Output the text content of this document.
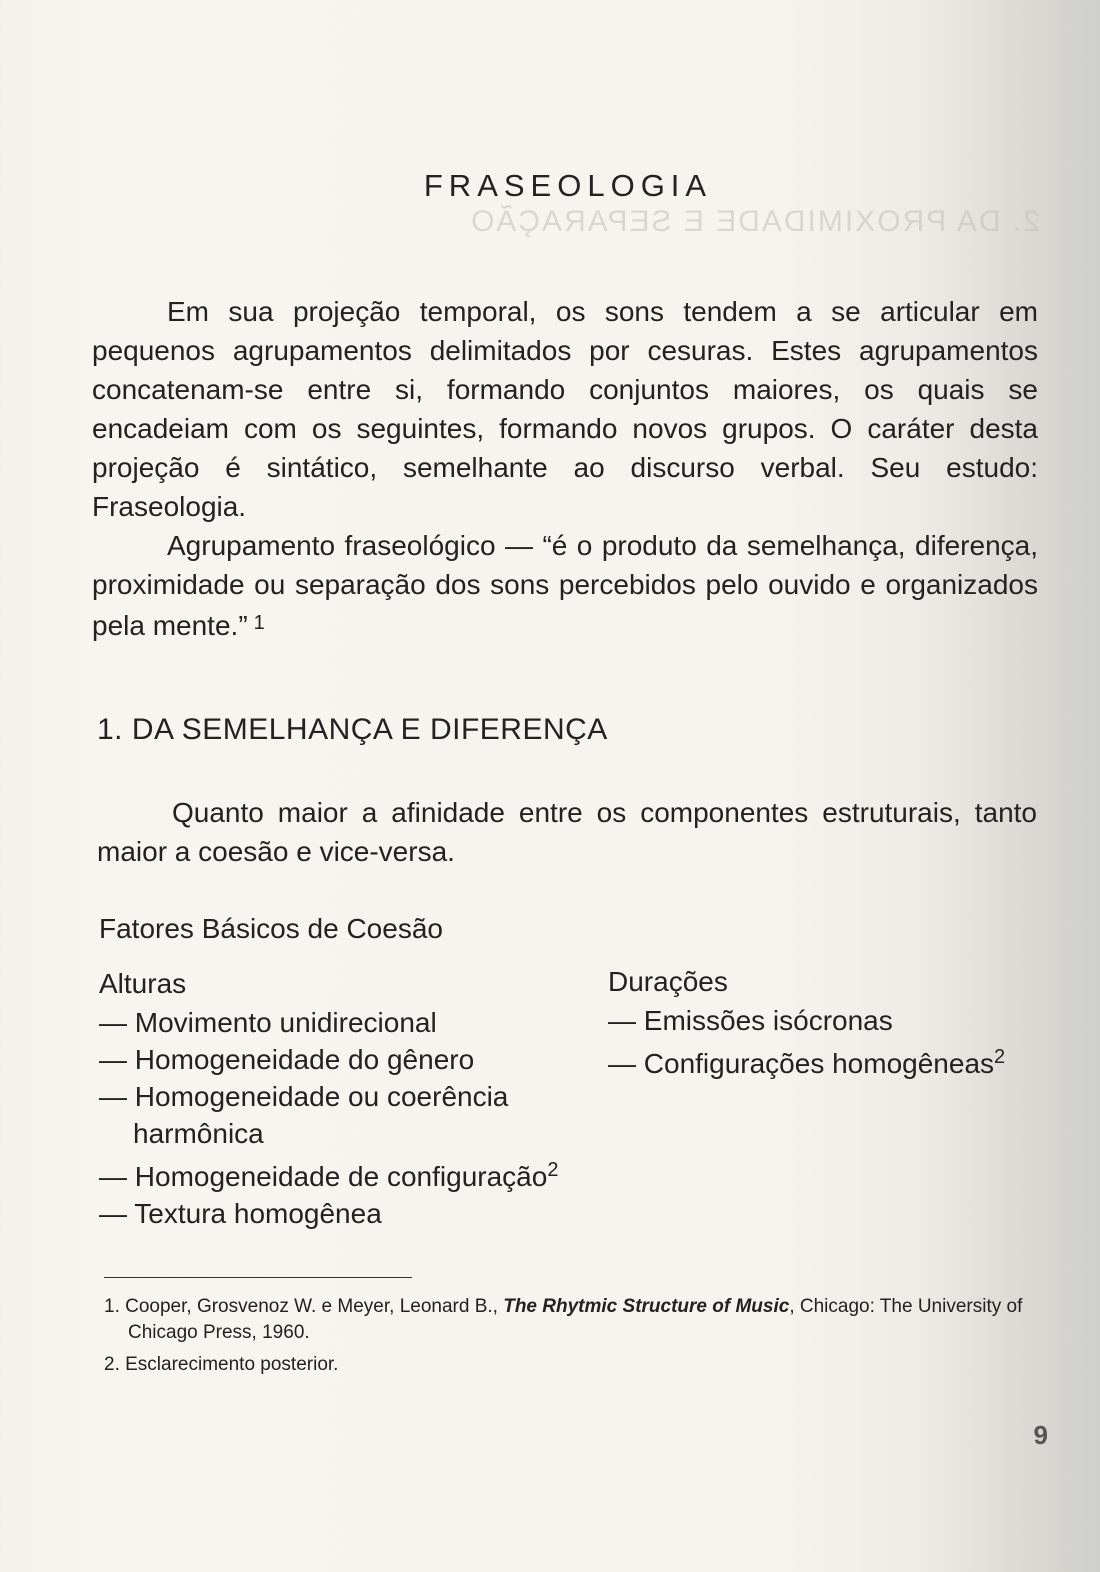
2. DA PROXIMIDADE E SEPARAÇÃO
FRASEOLOGIA
Em sua projeção temporal, os sons tendem a se articular em pequenos agrupamentos delimitados por cesuras. Estes agrupamentos concatenam-se entre si, formando conjuntos maiores, os quais se encadeiam com os seguintes, formando novos grupos. O caráter desta projeção é sintático, semelhante ao discurso verbal. Seu estudo: Fraseologia.
Agrupamento fraseológico — “é o produto da semelhança, diferença, proximidade ou separação dos sons percebidos pelo ouvido e organizados pela mente.” $^1$
1. DA SEMELHANÇA E DIFERENÇA
Quanto maior a afinidade entre os componentes estruturais, tanto maior a coesão e vice-versa.
Fatores Básicos de Coesão
Alturas
— Movimento unidirecional
— Homogeneidade do gênero
— Homogeneidade ou coerência harmônica
— Homogeneidade de configuração$^2$
— Textura homogênea
Durações
— Emissões isócronas
— Configurações homogêneas$^2$
1. Cooper, Grosvenoz W. e Meyer, Leonard B., The Rhytmic Structure of Music, Chicago: The University of Chicago Press, 1960.
2. Esclarecimento posterior.
9
